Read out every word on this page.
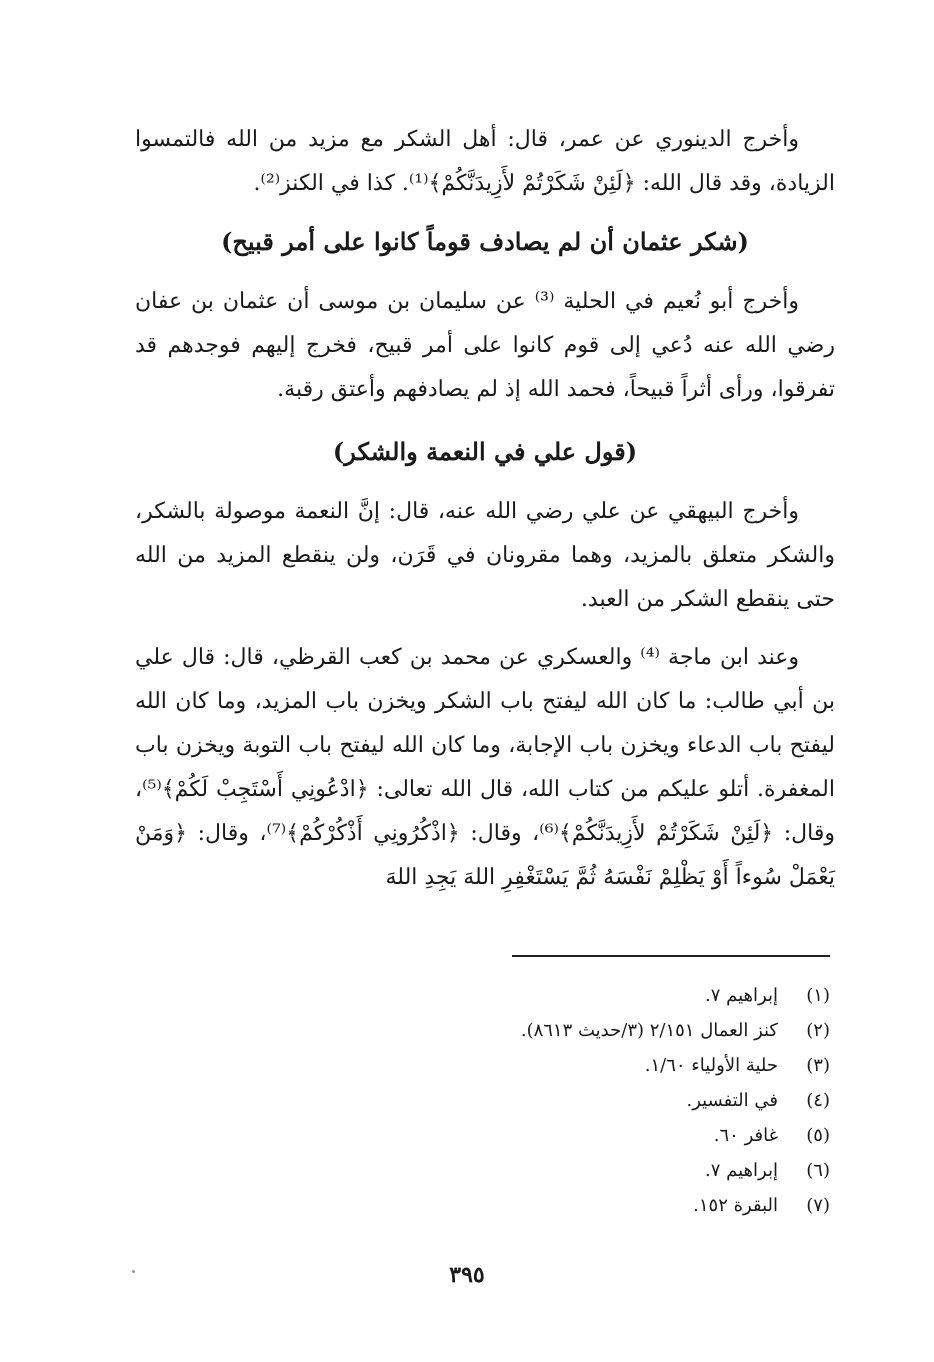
وأخرج الدينوري عن عمر، قال: أهل الشكر مع مزيد من الله فالتمسوا الزيادة، وقد قال الله: ﴿لَئِنْ شَكَرْتُمْ لأَزِيدَنَّكُمْ﴾⁽¹⁾. كذا في الكنز⁽²⁾.

(شكر عثمان أن لم يصادف قوماً كانوا على أمر قبيح)

وأخرج أبو نُعيم في الحلية ⁽³⁾ عن سليمان بن موسى أن عثمان بن عفان رضي الله عنه دُعي إلى قوم كانوا على أمر قبيح، فخرج إليهم فوجدهم قد تفرقوا، ورأى أثراً قبيحاً، فحمد الله إذ لم يصادفهم وأعتق رقبة.

(قول علي في النعمة والشكر)

وأخرج البيهقي عن علي رضي الله عنه، قال: إنَّ النعمة موصولة بالشكر، والشكر متعلق بالمزيد، وهما مقرونان في قَرَن، ولن ينقطع المزيد من الله حتى ينقطع الشكر من العبد.

وعند ابن ماجة ⁽⁴⁾ والعسكري عن محمد بن كعب القرظي، قال: قال علي بن أبي طالب: ما كان الله ليفتح باب الشكر ويخزن باب المزيد، وما كان الله ليفتح باب الدعاء ويخزن باب الإجابة، وما كان الله ليفتح باب التوبة ويخزن باب المغفرة. أتلو عليكم من كتاب الله، قال الله تعالى: ﴿ادْعُونِي أَسْتَجِبْ لَكُمْ﴾⁽⁵⁾، وقال: ﴿لَئِنْ شَكَرْتُمْ لأَزِيدَنَّكُمْ﴾⁽⁶⁾، وقال: ﴿اذْكُرُونِي أَذْكُرْكُمْ﴾⁽⁷⁾، وقال: ﴿وَمَنْ يَعْمَلْ سُوءاً أَوْ يَظْلِمْ نَفْسَهُ ثُمَّ يَسْتَغْفِرِ اللهَ يَجِدِ اللهَ

(١)
إبراهيم ٧.
(٢)
كنز العمال ٢/١٥١ (٣/حديث ٨٦١٣).
(٣)
حلية الأولياء ١/٦٠.
(٤)
في التفسير.
(٥)
غافر ٦٠.
(٦)
إبراهيم ٧.
(٧)
البقرة ١٥٢.
٣٩٥
